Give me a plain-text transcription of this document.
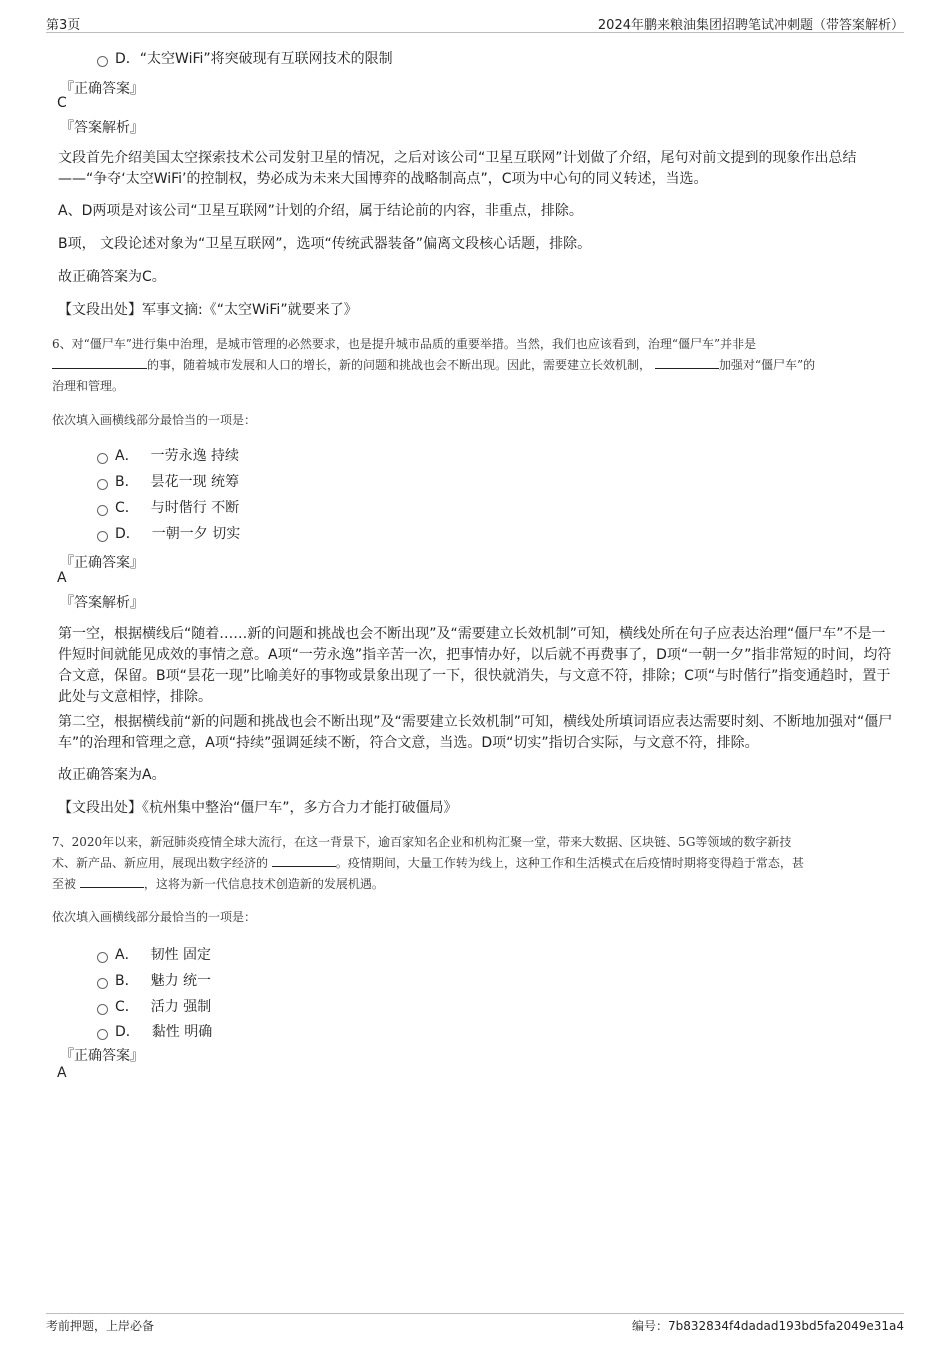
第3页	2024年鹏来粮油集团招聘笔试冲刺题（带答案解析）
D．“太空WiFi”将突破现有互联网技术的限制
『正确答案』
C
『答案解析』
文段首先介绍美国太空探索技术公司发射卫星的情况，之后对该公司“卫星互联网”计划做了介绍，尾句对前文提到的现象作出总结——“争夺‘太空WiFi’的控制权，势必成为未来大国博弈的战略制高点”，C项为中心句的同义转述，当选。
A、D两项是对该公司“卫星互联网”计划的介绍，属于结论前的内容，非重点，排除。
B项， 文段论述对象为“卫星互联网”，选项“传统武器装备”偏离文段核心话题，排除。
故正确答案为C。
【文段出处】军事文摘:《“太空WiFi”就要来了》
6、对“僵尸车”进行集中治理，是城市管理的必然要求，也是提升城市品质的重要举措。当然，我们也应该看到，治理“僵尸车”并非是
的事，随着城市发展和人口的增长，新的问题和挑战也会不断出现。因此，需要建立长效机制，	加强对“僵尸车”的
治理和管理。
依次填入画横线部分最恰当的一项是：
A． 一劳永逸 持续
B． 昙花一现 统筹
C． 与时偕行 不断
D． 一朝一夕 切实
『正确答案』
A
『答案解析』
第一空，根据横线后“随着……新的问题和挑战也会不断出现”及“需要建立长效机制”可知，横线处所在句子应表达治理“僵尸车”不是一件短时间就能见成效的事情之意。A项“一劳永逸”指辛苦一次，把事情办好，以后就不再费事了，D项“一朝一夕”指非常短的时间，均符合文意，保留。B项“昙花一现”比喻美好的事物或景象出现了一下，很快就消失，与文意不符，排除；C项“与时偕行”指变通趋时，置于此处与文意相悖，排除。
第二空，根据横线前“新的问题和挑战也会不断出现”及“需要建立长效机制”可知，横线处所填词语应表达需要时刻、不断地加强对“僵尸车”的治理和管理之意，A项“持续”强调延续不断，符合文意，当选。D项“切实”指切合实际，与文意不符，排除。
故正确答案为A。
【文段出处】《杭州集中整治“僵尸车”，多方合力才能打破僵局》
7、2020年以来，新冠肺炎疫情全球大流行，在这一背景下，逾百家知名企业和机构汇聚一堂，带来大数据、区块链、5G等领域的数字新技
术、新产品、新应用，展现出数字经济的	。疫情期间，大量工作转为线上，这种工作和生活模式在后疫情时期将变得趋于常态，甚
至被	，这将为新一代信息技术创造新的发展机遇。
依次填入画横线部分最恰当的一项是：
A． 韧性 固定
B． 魅力 统一
C． 活力 强制
D． 黏性 明确
『正确答案』
A
考前押题，上岸必备	编号：7b832834f4dadad193bd5fa2049e31a4
